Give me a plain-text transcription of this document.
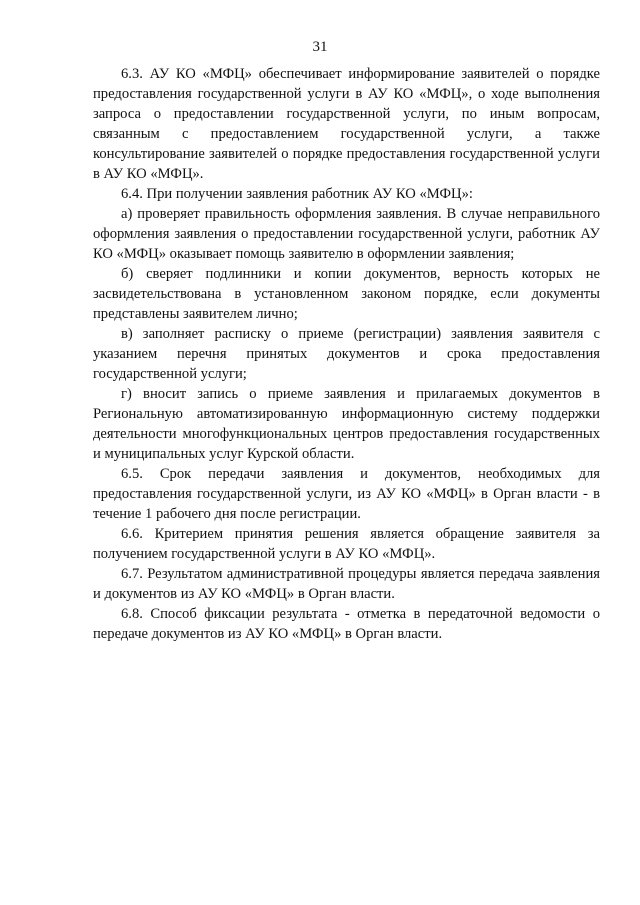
31

6.3. АУ КО «МФЦ» обеспечивает информирование заявителей о порядке предоставления государственной услуги в АУ КО «МФЦ», о ходе выполнения запроса о предоставлении государственной услуги, по иным вопросам, связанным с предоставлением государственной услуги, а также консультирование заявителей о порядке предоставления государственной услуги в АУ КО «МФЦ».

6.4. При получении заявления работник АУ КО «МФЦ»:

а) проверяет правильность оформления заявления. В случае неправильного оформления заявления о предоставлении государственной услуги, работник АУ КО «МФЦ» оказывает помощь заявителю в оформлении заявления;

б) сверяет подлинники и копии документов, верность которых не засвидетельствована в установленном законом порядке, если документы представлены заявителем лично;

в) заполняет расписку о приеме (регистрации) заявления заявителя с указанием перечня принятых документов и срока предоставления государственной услуги;

г) вносит запись о приеме заявления и прилагаемых документов в Региональную автоматизированную информационную систему поддержки деятельности многофункциональных центров предоставления государственных и муниципальных услуг Курской области.

6.5. Срок передачи заявления и документов, необходимых для предоставления государственной услуги, из АУ КО «МФЦ» в Орган власти - в течение 1 рабочего дня после регистрации.

6.6. Критерием принятия решения является обращение заявителя за получением государственной услуги в АУ КО «МФЦ».

6.7. Результатом административной процедуры является передача заявления и документов из АУ КО «МФЦ» в Орган власти.

6.8. Способ фиксации результата - отметка в передаточной ведомости о передаче документов из АУ КО «МФЦ» в Орган власти.
